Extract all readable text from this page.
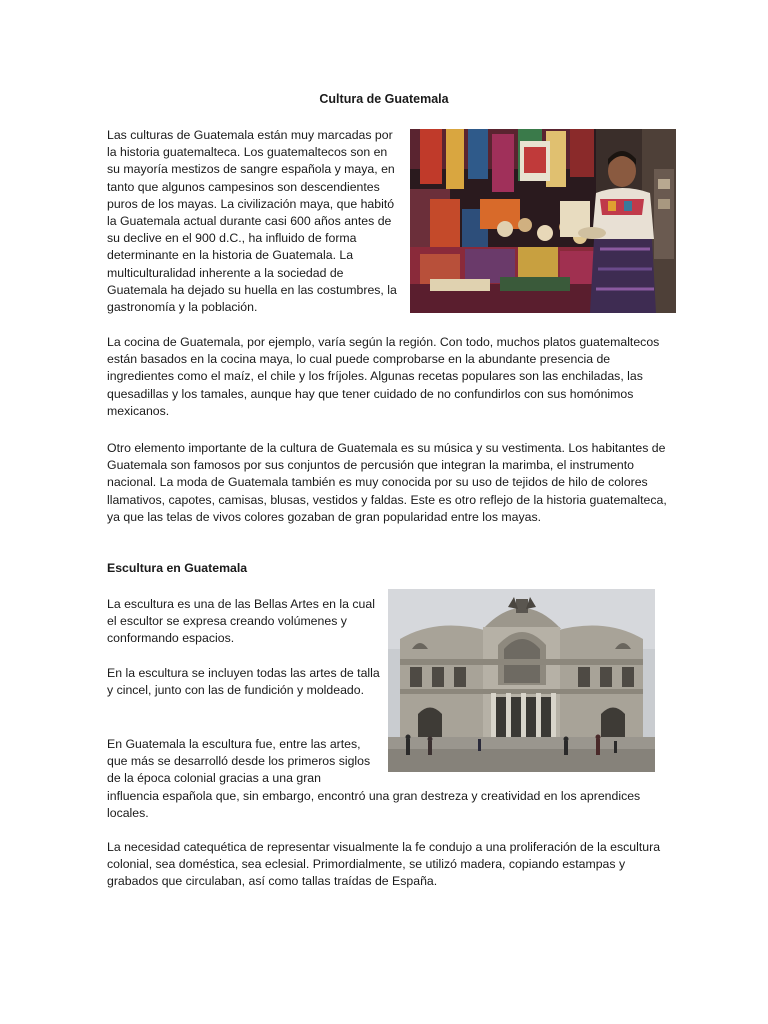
Cultura de Guatemala

Las culturas de Guatemala están muy marcadas por la historia guatemalteca. Los guatemaltecos son en su mayoría mestizos de sangre española y maya, en tanto que algunos campesinos son descendientes puros de los mayas. La civilización maya, que habitó la Guatemala actual durante casi 600 años antes de su declive en el 900 d.C., ha influido de forma determinante en la historia de Guatemala. La multiculturalidad inherente a la sociedad de Guatemala ha dejado su huella en las costumbres, la gastronomía y la población.

La cocina de Guatemala, por ejemplo, varía según la región. Con todo, muchos platos guatemaltecos están basados en la cocina maya, lo cual puede comprobarse en la abundante presencia de ingredientes como el maíz, el chile y los fríjoles. Algunas recetas populares son las enchiladas, las quesadillas y los tamales, aunque hay que tener cuidado de no confundirlos con sus homónimos mexicanos.

Otro elemento importante de la cultura de Guatemala es su música y su vestimenta. Los habitantes de Guatemala son famosos por sus conjuntos de percusión que integran la marimba, el instrumento nacional. La moda de Guatemala también es muy conocida por su uso de tejidos de hilo de colores llamativos, capotes, camisas, blusas, vestidos y faldas. Este es otro reflejo de la historia guatemalteca, ya que las telas de vivos colores gozaban de gran popularidad entre los mayas.

Escultura en Guatemala

La escultura es una de las Bellas Artes en la cual el escultor se expresa creando volúmenes y conformando espacios.

En la escultura se incluyen todas las artes de talla y cincel, junto con las de fundición y moldeado.

En Guatemala la escultura fue, entre las artes, que más se desarrolló desde los primeros siglos de la época colonial gracias a una gran
influencia española que, sin embargo, encontró una gran destreza y creatividad en los aprendices locales.

La necesidad catequética de representar visualmente la fe condujo a una proliferación de la escultura colonial, sea doméstica, sea eclesial. Primordialmente, se utilizó madera, copiando estampas y grabados que circulaban, así como tallas traídas de España.
